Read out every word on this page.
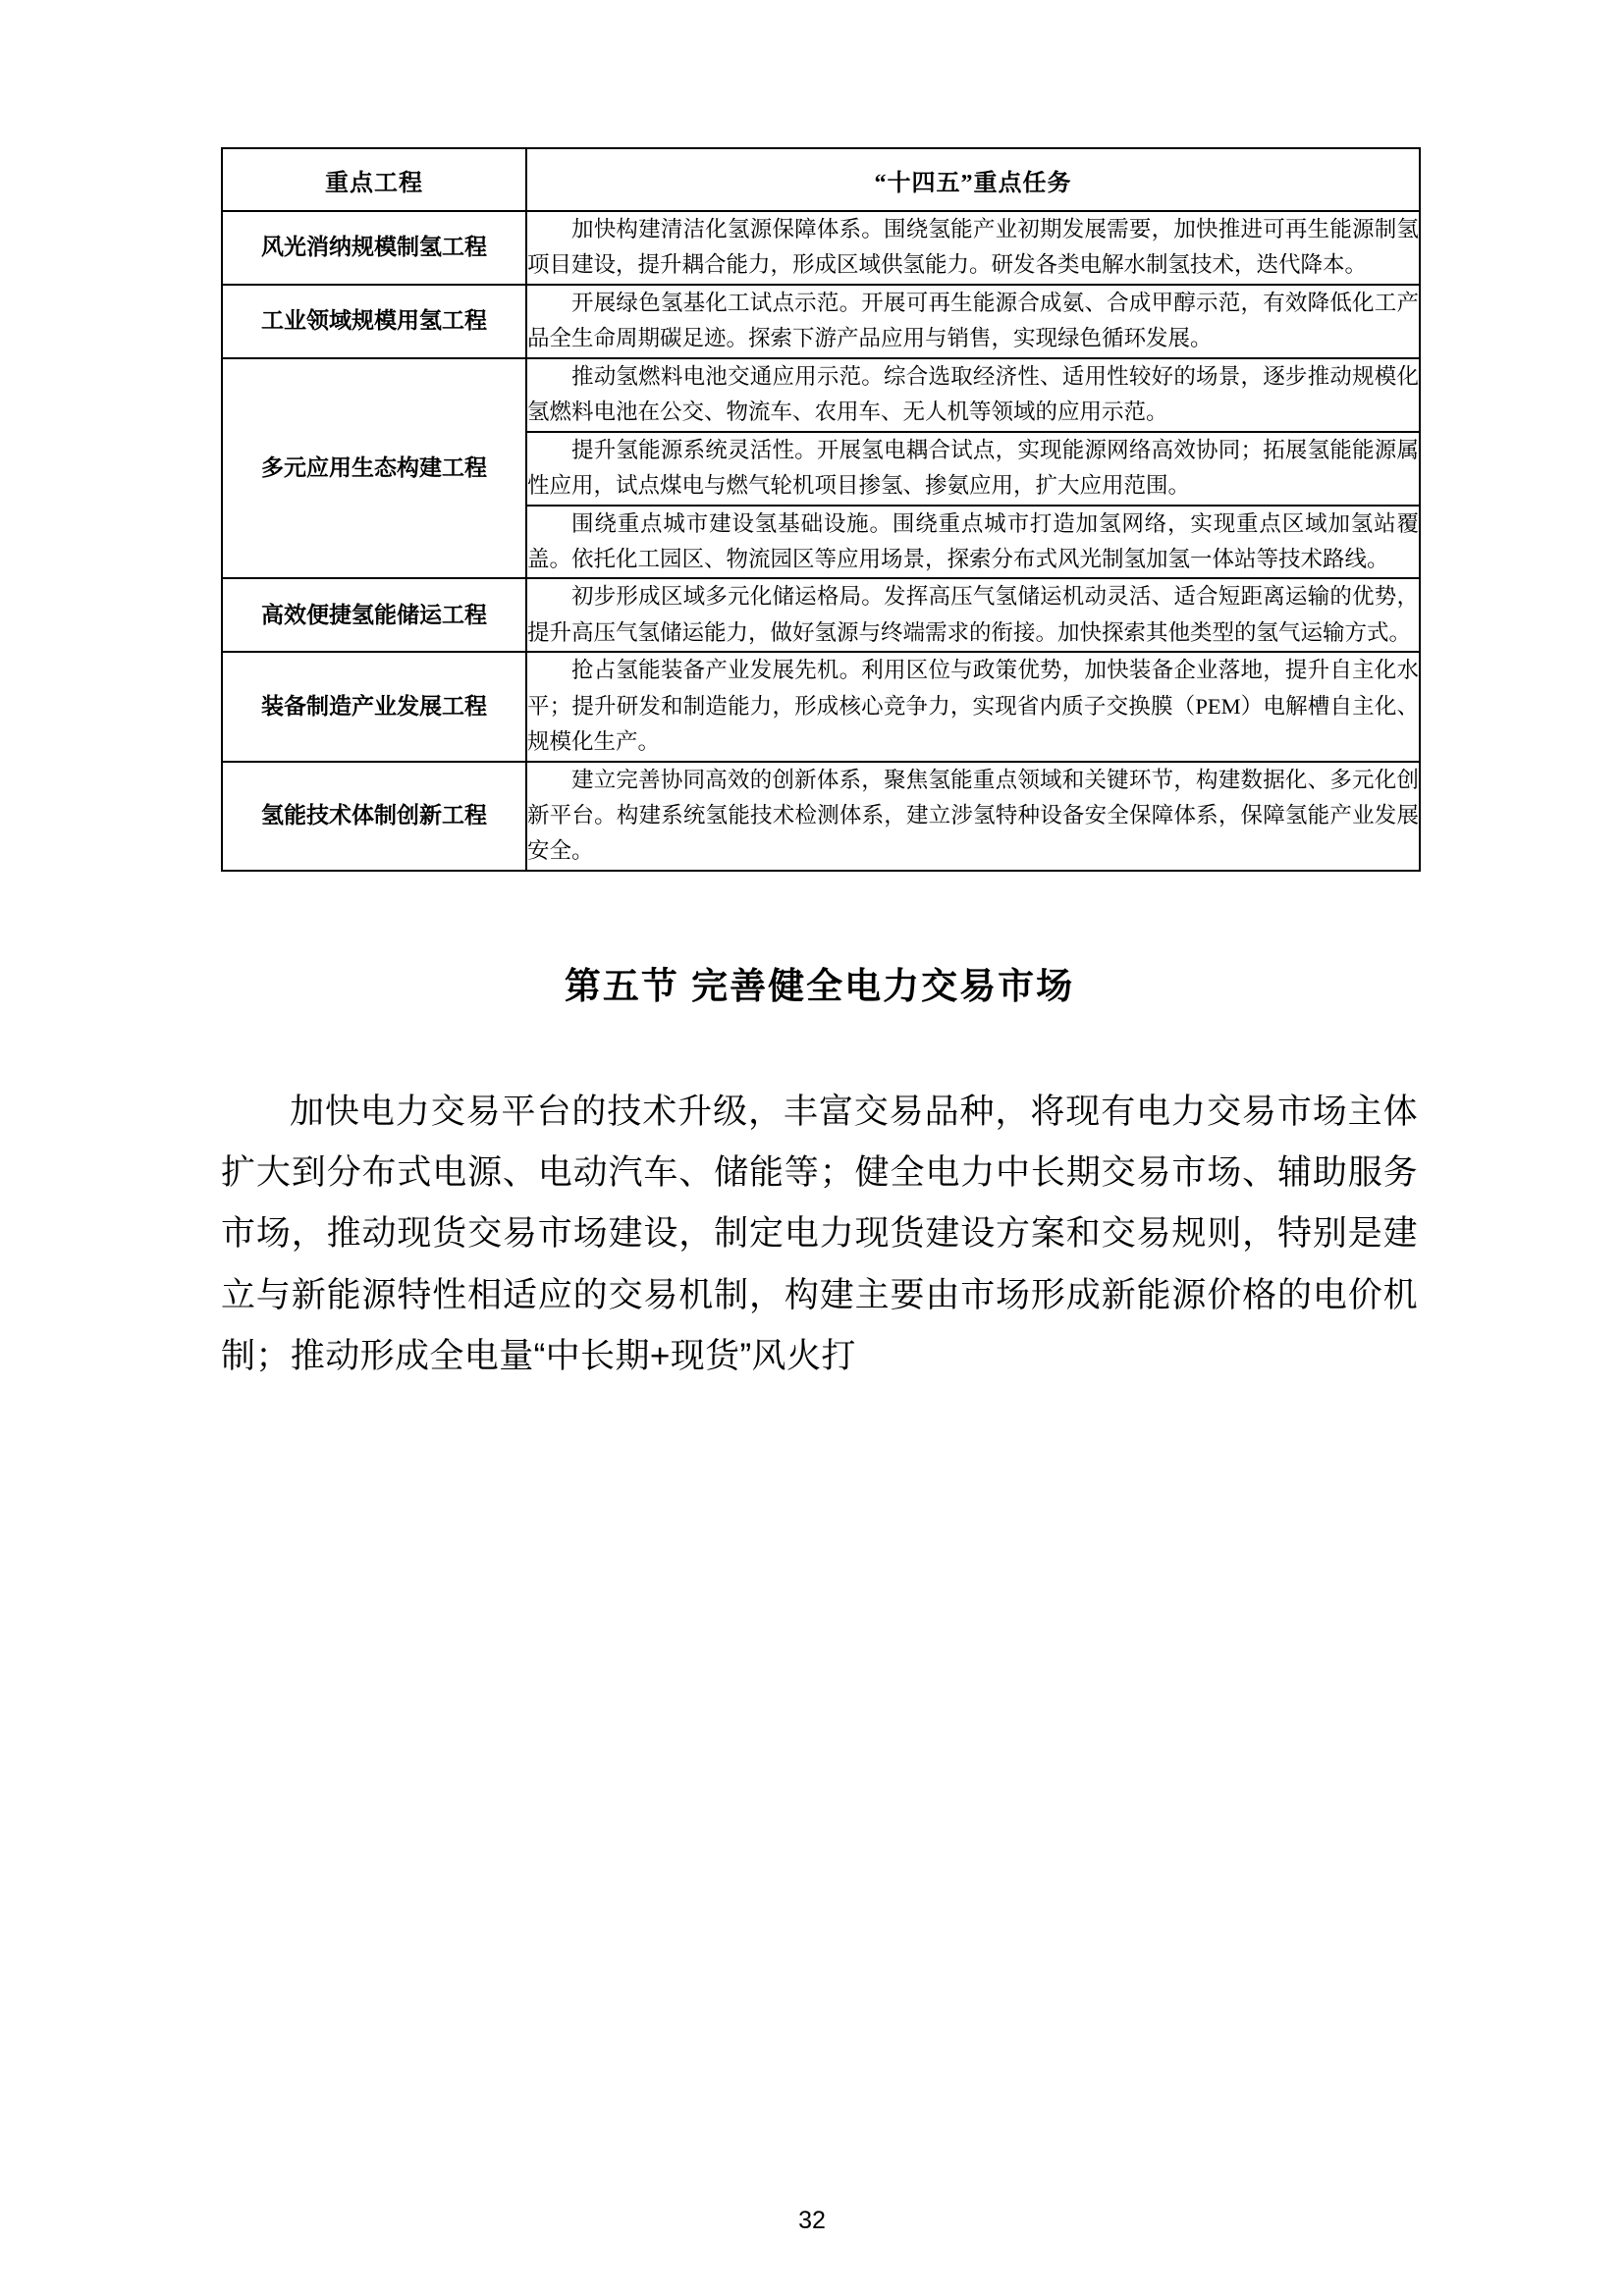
重点工程	“十四五”重点任务
风光消纳规模制氢工程	加快构建清洁化氢源保障体系。围绕氢能产业初期发展需要，加快推进可再生能源制氢项目建设，提升耦合能力，形成区域供氢能力。研发各类电解水制氢技术，迭代降本。

工业领域规模用氢工程	开展绿色氢基化工试点示范。开展可再生能源合成氨、合成甲醇示范，有效降低化工产品全生命周期碳足迹。探索下游产品应用与销售，实现绿色循环发展。

多元应用生态构建工程	推动氢燃料电池交通应用示范。综合选取经济性、适用性较好的场景，逐步推动规模化氢燃料电池在公交、物流车、农用车、无人机等领域的应用示范。

	提升氢能源系统灵活性。开展氢电耦合试点，实现能源网络高效协同；拓展氢能能源属性应用，试点煤电与燃气轮机项目掺氢、掺氨应用，扩大应用范围。

	围绕重点城市建设氢基础设施。围绕重点城市打造加氢网络，实现重点区域加氢站覆盖。依托化工园区、物流园区等应用场景，探索分布式风光制氢加氢一体站等技术路线。

高效便捷氢能储运工程	初步形成区域多元化储运格局。发挥高压气氢储运机动灵活、适合短距离运输的优势，提升高压气氢储运能力，做好氢源与终端需求的衔接。加快探索其他类型的氢气运输方式。

装备制造产业发展工程	抢占氢能装备产业发展先机。利用区位与政策优势，加快装备企业落地，提升自主化水平；提升研发和制造能力，形成核心竞争力，实现省内质子交换膜（PEM）电解槽自主化、规模化生产。

氢能技术体制创新工程	建立完善协同高效的创新体系，聚焦氢能重点领域和关键环节，构建数据化、多元化创新平台。构建系统氢能技术检测体系，建立涉氢特种设备安全保障体系，保障氢能产业发展安全。

第五节 完善健全电力交易市场

加快电力交易平台的技术升级，丰富交易品种，将现有电力交易市场主体扩大到分布式电源、电动汽车、储能等；健全电力中长期交易市场、辅助服务市场，推动现货交易市场建设，制定电力现货建设方案和交易规则，特别是建立与新能源特性相适应的交易机制，构建主要由市场形成新能源价格的电价机制；推动形成全电量“中长期+现货”风火打

32
